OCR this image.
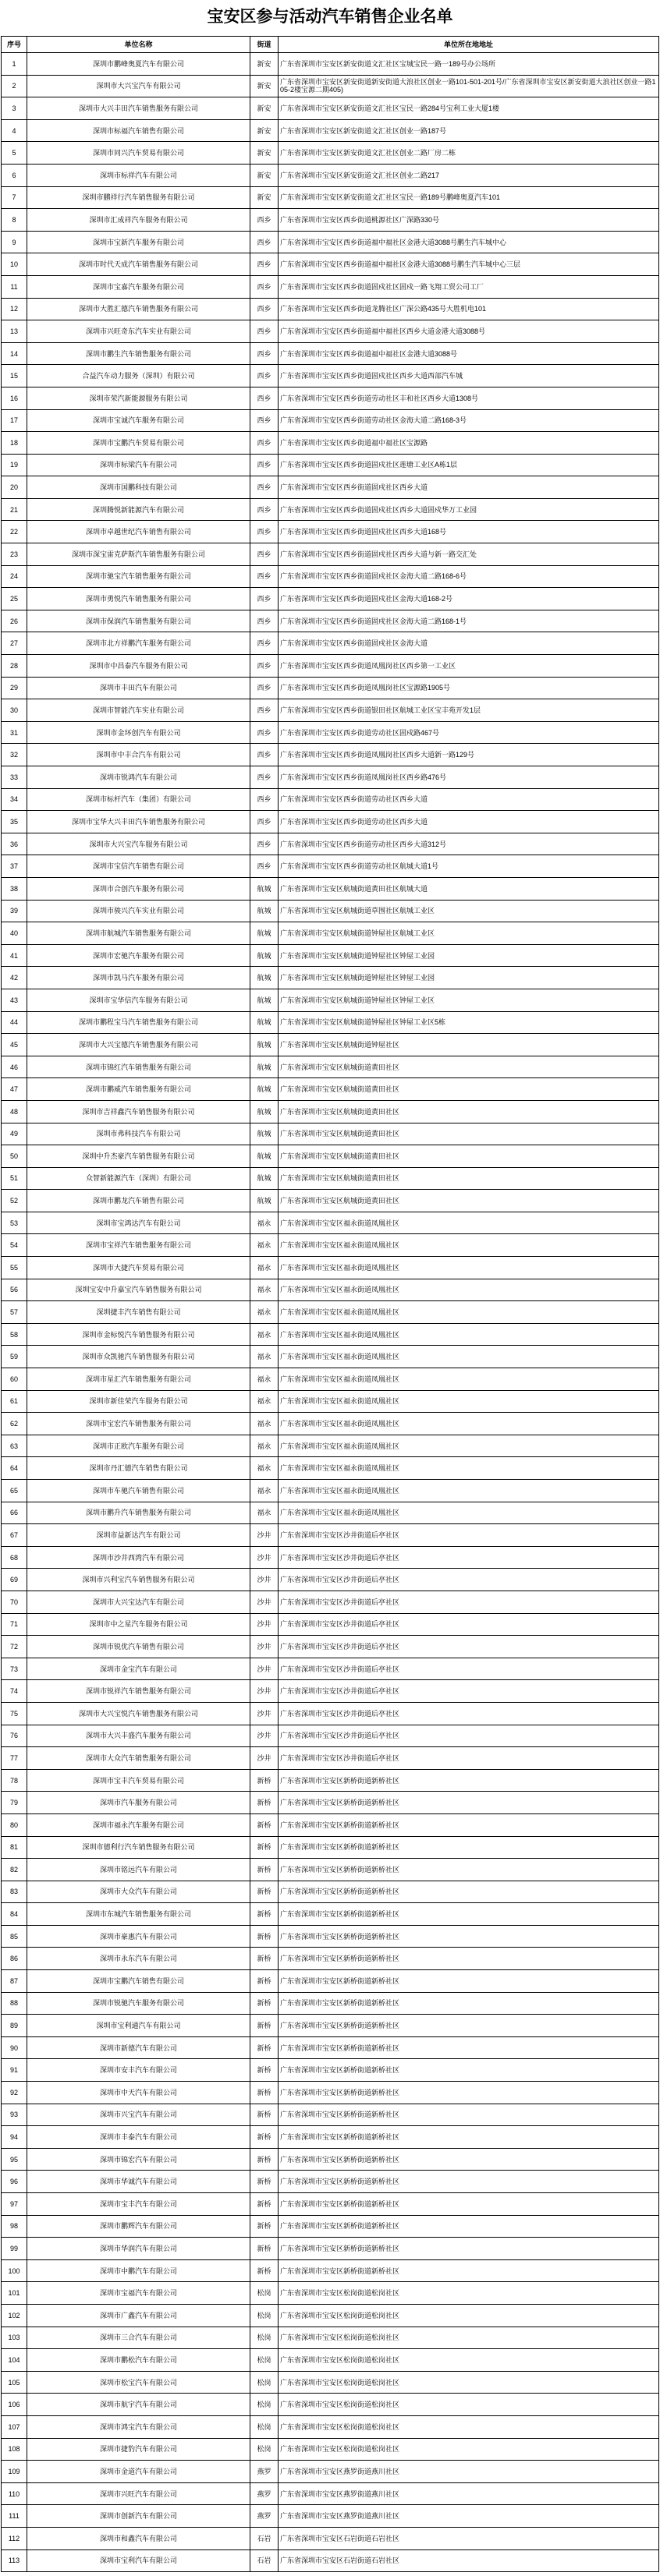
宝安区参与活动汽车销售企业名单
序号	单位名称	街道	单位所在地地址
1	深圳市鹏峰奥夏汽车有限公司	新安	广东省深圳市宝安区新安街道文汇社区宝城宝民一路一189号办公场所
2	深圳市大兴宝汽车有限公司	新安	广东省深圳市宝安区新安街道新安街道大浪社区创业一路101-501-201号/广东省深圳市宝安区新安街道大浪社区创业一路105-2楼宝源二期405)
3	深圳市大兴丰田汽车销售服务有限公司	新安	广东省深圳市宝安区新安街道文汇社区宝民一路284号宝利工业大厦1楼
4	深圳市标福汽车销售有限公司	新安	广东省深圳市宝安区新安街道文汇社区创业一路187号
5	深圳市同兴汽车贸易有限公司	新安	广东省深圳市宝安区新安街道文汇社区创业二路厂房二栋
6	深圳市标祥汽车有限公司	新安	广东省深圳市宝安区新安街道文汇社区创业二路217
7	深圳市鹏祥行汽车销售服务有限公司	新安	广东省深圳市宝安区新安街道文汇社区宝民一路189号鹏峰奥夏汽车101
8	深圳市汇成祥汽车服务有限公司	西乡	广东省深圳市宝安区西乡街道桃源社区广深路330号
9	深圳市宝新汽车服务有限公司	西乡	广东省深圳市宝安区西乡街道福中福社区金港大道3088号鹏生汽车城中心
10	深圳市时代天成汽车销售服务有限公司	西乡	广东省深圳市宝安区西乡街道福中福社区金港大道3088号鹏生汽车城中心三层
11	深圳市宝嘉汽车服务有限公司	西乡	广东省深圳市宝安区西乡街道固戍社区固戍一路飞翔工贸公司工厂
12	深圳市大胜汇德汽车销售服务有限公司	西乡	广东省深圳市宝安区西乡街道龙腾社区广深公路435号大胜机电101
13	深圳市兴旺奇东汽车实业有限公司	西乡	广东省深圳市宝安区西乡街道福中福社区西乡大道金港大道3088号
14	深圳市鹏生汽车销售服务有限公司	西乡	广东省深圳市宝安区西乡街道福中福社区金港大道3088号
15	合益汽车动力服务（深圳）有限公司	西乡	广东省深圳市宝安区西乡街道固戍社区西乡大道西部汽车城
16	深圳市荣汽新能源服务有限公司	西乡	广东省深圳市宝安区西乡街道劳动社区丰和社区西乡大道1308号
17	深圳市宝诚汽车服务有限公司	西乡	广东省深圳市宝安区西乡街道劳动社区金海大道二路168-3号
18	深圳市宝鹏汽车贸易有限公司	西乡	广东省深圳市宝安区西乡街道福中福社区宝源路
19	深圳市标梁汽车有限公司	西乡	广东省深圳市宝安区西乡街道固戍社区莲塘工业区A栋1层
20	深圳市国鹏科技有限公司	西乡	广东省深圳市宝安区西乡街道固戍社区西乡大道
21	深圳腾悦新能源汽车有限公司	西乡	广东省深圳市宝安区西乡街道固戍社区西乡大道固戍华万工业园
22	深圳市卓越世纪汽车销售有限公司	西乡	广东省深圳市宝安区西乡街道固戍社区西乡大道168号
23	深圳市深宝雷克萨斯汽车销售服务有限公司	西乡	广东省深圳市宝安区西乡街道固戍社区西乡大道与新一路交汇处
24	深圳市驰宝汽车销售服务有限公司	西乡	广东省深圳市宝安区西乡街道固戍社区金海大道二路168-6号
25	深圳市勇悦汽车销售服务有限公司	西乡	广东省深圳市宝安区西乡街道固戍社区金海大道168-2号
26	深圳市保润汽车销售服务有限公司	西乡	广东省深圳市宝安区西乡街道固戍社区金海大道二路168-1号
27	深圳市北方祥鹏汽车服务有限公司	西乡	广东省深圳市宝安区西乡街道固戍社区金海大道
28	深圳市中昌泰汽车服务有限公司	西乡	广东省深圳市宝安区西乡街道凤凰岗社区西乡第一工业区
29	深圳市丰田汽车有限公司	西乡	广东省深圳市宝安区西乡街道凤凰岗社区宝源路1905号
30	深圳市智能汽车实业有限公司	西乡	广东省深圳市宝安区西乡街道银田社区航城工业区宝丰苑开发1层
31	深圳市金环创汽车有限公司	西乡	广东省深圳市宝安区西乡街道劳动社区固戍路467号
32	深圳市中丰合汽车有限公司	西乡	广东省深圳市宝安区西乡街道凤凰岗社区西乡大道新一路129号
33	深圳市锐鸿汽车有限公司	西乡	广东省深圳市宝安区西乡街道凤凰岗社区西乡路476号
34	深圳市标杆汽车（集团）有限公司	西乡	广东省深圳市宝安区西乡街道劳动社区西乡大道
35	深圳市宝华大兴丰田汽车销售服务有限公司	西乡	广东省深圳市宝安区西乡街道劳动社区西乡大道
36	深圳市大兴宝汽车服务有限公司	西乡	广东省深圳市宝安区西乡街道劳动社区西乡大道312号
37	深圳市宝信汽车销售有限公司	西乡	广东省深圳市宝安区西乡街道劳动社区航城大道1号
38	深圳市合创汽车服务有限公司	航城	广东省深圳市宝安区航城街道黄田社区航城大道
39	深圳市骏兴汽车实业有限公司	航城	广东省深圳市宝安区航城街道草围社区航城工业区
40	深圳市航城汽车销售服务有限公司	航城	广东省深圳市宝安区航城街道钟屋社区航城工业区
41	深圳市宏驰汽车服务有限公司	航城	广东省深圳市宝安区航城街道钟屋社区钟屋工业园
42	深圳市凯马汽车服务有限公司	航城	广东省深圳市宝安区航城街道钟屋社区钟屋工业园
43	深圳市宝华信汽车服务有限公司	航城	广东省深圳市宝安区航城街道钟屋社区钟屋工业区
44	深圳市鹏程宝马汽车销售服务有限公司	航城	广东省深圳市宝安区航城街道钟屋社区钟屋工业区5栋
45	深圳市大兴宝德汽车销售服务有限公司	航城	广东省深圳市宝安区航城街道钟屋社区
46	深圳市锦红汽车销售服务有限公司	航城	广东省深圳市宝安区航城街道黄田社区
47	深圳市鹏威汽车销售服务有限公司	航城	广东省深圳市宝安区航城街道黄田社区
48	深圳市吉祥鑫汽车销售服务有限公司	航城	广东省深圳市宝安区航城街道黄田社区
49	深圳市弗科技汽车有限公司	航城	广东省深圳市宝安区航城街道黄田社区
50	深圳中升杰豪汽车销售服务有限公司	航城	广东省深圳市宝安区航城街道黄田社区
51	众智新能源汽车（深圳）有限公司	航城	广东省深圳市宝安区航城街道黄田社区
52	深圳市鹏龙汽车销售有限公司	航城	广东省深圳市宝安区航城街道黄田社区
53	深圳市宝鸿达汽车有限公司	福永	广东省深圳市宝安区福永街道凤凰社区
54	深圳市宝祥汽车销售服务有限公司	福永	广东省深圳市宝安区福永街道凤凰社区
55	深圳市大捷汽车贸易有限公司	福永	广东省深圳市宝安区福永街道凤凰社区
56	深圳宝安中升嘉宝汽车销售服务有限公司	福永	广东省深圳市宝安区福永街道凤凰社区
57	深圳捷丰汽车销售有限公司	福永	广东省深圳市宝安区福永街道凤凰社区
58	深圳市金标悦汽车销售服务有限公司	福永	广东省深圳市宝安区福永街道凤凰社区
59	深圳市众凯驰汽车销售服务有限公司	福永	广东省深圳市宝安区福永街道凤凰社区
60	深圳市星汇汽车销售服务有限公司	福永	广东省深圳市宝安区福永街道凤凰社区
61	深圳市新佳荣汽车服务有限公司	福永	广东省深圳市宝安区福永街道凤凰社区
62	深圳市宝宏汽车销售服务有限公司	福永	广东省深圳市宝安区福永街道凤凰社区
63	深圳市正欧汽车服务有限公司	福永	广东省深圳市宝安区福永街道凤凰社区
64	深圳市丹汇德汽车销售有限公司	福永	广东省深圳市宝安区福永街道凤凰社区
65	深圳市车驰汽车销售有限公司	福永	广东省深圳市宝安区福永街道凤凰社区
66	深圳市鹏升汽车销售服务有限公司	福永	广东省深圳市宝安区福永街道凤凰社区
67	深圳市益新达汽车有限公司	沙井	广东省深圳市宝安区沙井街道后亭社区
68	深圳市沙井西湾汽车有限公司	沙井	广东省深圳市宝安区沙井街道后亭社区
69	深圳市兴利宝汽车销售服务有限公司	沙井	广东省深圳市宝安区沙井街道后亭社区
70	深圳市大兴宝达汽车有限公司	沙井	广东省深圳市宝安区沙井街道后亭社区
71	深圳市中之星汽车服务有限公司	沙井	广东省深圳市宝安区沙井街道后亭社区
72	深圳市锐优汽车销售有限公司	沙井	广东省深圳市宝安区沙井街道后亭社区
73	深圳市金宝汽车有限公司	沙井	广东省深圳市宝安区沙井街道后亭社区
74	深圳市锐祥汽车销售服务有限公司	沙井	广东省深圳市宝安区沙井街道后亭社区
75	深圳市大兴宝悦汽车销售服务有限公司	沙井	广东省深圳市宝安区沙井街道后亭社区
76	深圳市大兴丰盛汽车服务有限公司	沙井	广东省深圳市宝安区沙井街道后亭社区
77	深圳市大众汽车销售服务有限公司	沙井	广东省深圳市宝安区沙井街道后亭社区
78	深圳市宝丰汽车贸易有限公司	新桥	广东省深圳市宝安区新桥街道新桥社区
79	深圳市汽车服务有限公司	新桥	广东省深圳市宝安区新桥街道新桥社区
80	深圳市福永汽车服务有限公司	新桥	广东省深圳市宝安区新桥街道新桥社区
81	深圳市德利行汽车销售服务有限公司	新桥	广东省深圳市宝安区新桥街道新桥社区
82	深圳市铭远汽车有限公司	新桥	广东省深圳市宝安区新桥街道新桥社区
83	深圳市大众汽车有限公司	新桥	广东省深圳市宝安区新桥街道新桥社区
84	深圳市东城汽车销售服务有限公司	新桥	广东省深圳市宝安区新桥街道新桥社区
85	深圳市豪惠汽车有限公司	新桥	广东省深圳市宝安区新桥街道新桥社区
86	深圳市永东汽车有限公司	新桥	广东省深圳市宝安区新桥街道新桥社区
87	深圳市宝鹏汽车销售有限公司	新桥	广东省深圳市宝安区新桥街道新桥社区
88	深圳市锐驰汽车服务有限公司	新桥	广东省深圳市宝安区新桥街道新桥社区
89	深圳市宝利通汽车有限公司	新桥	广东省深圳市宝安区新桥街道新桥社区
90	深圳市新德汽车有限公司	新桥	广东省深圳市宝安区新桥街道新桥社区
91	深圳市安丰汽车有限公司	新桥	广东省深圳市宝安区新桥街道新桥社区
92	深圳市中天汽车有限公司	新桥	广东省深圳市宝安区新桥街道新桥社区
93	深圳市兴宝汽车有限公司	新桥	广东省深圳市宝安区新桥街道新桥社区
94	深圳市丰泰汽车有限公司	新桥	广东省深圳市宝安区新桥街道新桥社区
95	深圳市锦宏汽车有限公司	新桥	广东省深圳市宝安区新桥街道新桥社区
96	深圳市华诚汽车有限公司	新桥	广东省深圳市宝安区新桥街道新桥社区
97	深圳市宝丰汽车有限公司	新桥	广东省深圳市宝安区新桥街道新桥社区
98	深圳市鹏辉汽车有限公司	新桥	广东省深圳市宝安区新桥街道新桥社区
99	深圳市华润汽车有限公司	新桥	广东省深圳市宝安区新桥街道新桥社区
100	深圳市中鹏汽车有限公司	新桥	广东省深圳市宝安区新桥街道新桥社区
101	深圳市宝福汽车有限公司	松岗	广东省深圳市宝安区松岗街道松岗社区
102	深圳市广鑫汽车有限公司	松岗	广东省深圳市宝安区松岗街道松岗社区
103	深圳市三合汽车有限公司	松岗	广东省深圳市宝安区松岗街道松岗社区
104	深圳市鹏松汽车有限公司	松岗	广东省深圳市宝安区松岗街道松岗社区
105	深圳市松宝汽车有限公司	松岗	广东省深圳市宝安区松岗街道松岗社区
106	深圳市航宇汽车有限公司	松岗	广东省深圳市宝安区松岗街道松岗社区
107	深圳市鸿宝汽车有限公司	松岗	广东省深圳市宝安区松岗街道松岗社区
108	深圳市捷豹汽车有限公司	松岗	广东省深圳市宝安区松岗街道松岗社区
109	深圳市金道汽车有限公司	燕罗	广东省深圳市宝安区燕罗街道燕川社区
110	深圳市兴旺汽车有限公司	燕罗	广东省深圳市宝安区燕罗街道燕川社区
111	深圳市创新汽车有限公司	燕罗	广东省深圳市宝安区燕罗街道燕川社区
112	深圳市和鑫汽车有限公司	石岩	广东省深圳市宝安区石岩街道石岩社区
113	深圳市宝利汽车有限公司	石岩	广东省深圳市宝安区石岩街道石岩社区
